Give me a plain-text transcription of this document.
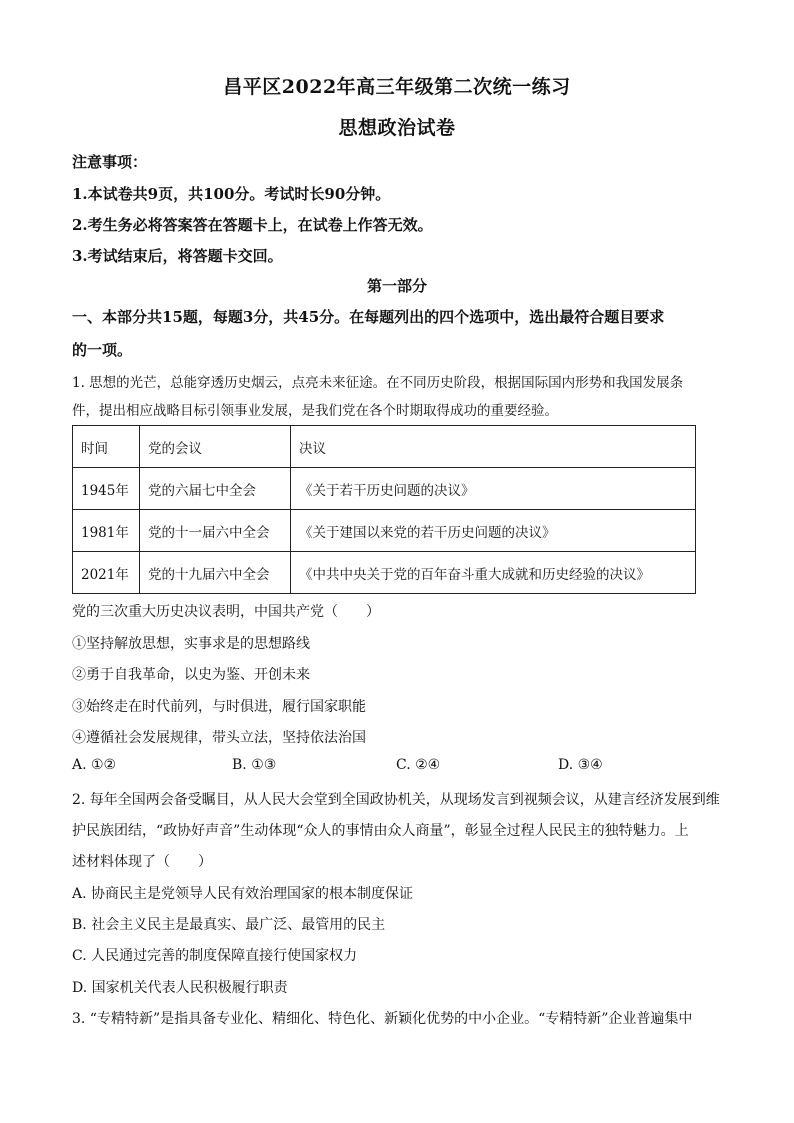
昌平区2022年高三年级第二次统一练习
思想政治试卷
注意事项：
1.本试卷共9页，共100分。考试时长90分钟。
2.考生务必将答案答在答题卡上，在试卷上作答无效。
3.考试结束后，将答题卡交回。
第一部分
一、本部分共15题，每题3分，共45分。在每题列出的四个选项中，选出最符合题目要求
的一项。
1. 思想的光芒，总能穿透历史烟云，点亮未来征途。在不同历史阶段，根据国际国内形势和我国发展条
件，提出相应战略目标引领事业发展，是我们党在各个时期取得成功的重要经验。
时间	党的会议	决议
1945年	党的六届七中全会	《关于若干历史问题的决议》
1981年	党的十一届六中全会	《关于建国以来党的若干历史问题的决议》
2021年	党的十九届六中全会	《中共中央关于党的百年奋斗重大成就和历史经验的决议》
党的三次重大历史决议表明，中国共产党（　　）
①坚持解放思想，实事求是的思想路线
②勇于自我革命，以史为鉴、开创未来
③始终走在时代前列，与时俱进，履行国家职能
④遵循社会发展规律，带头立法，坚持依法治国
A. ①②	B. ①③	C. ②④	D. ③④
2. 每年全国两会备受瞩目，从人民大会堂到全国政协机关，从现场发言到视频会议，从建言经济发展到维
护民族团结，“政协好声音”生动体现“众人的事情由众人商量”，彰显全过程人民民主的独特魅力。上
述材料体现了（　　）
A. 协商民主是党领导人民有效治理国家的根本制度保证
B. 社会主义民主是最真实、最广泛、最管用的民主
C. 人民通过完善的制度保障直接行使国家权力
D. 国家机关代表人民积极履行职责
3. “专精特新”是指具备专业化、精细化、特色化、新颖化优势的中小企业。“专精特新”企业普遍集中
